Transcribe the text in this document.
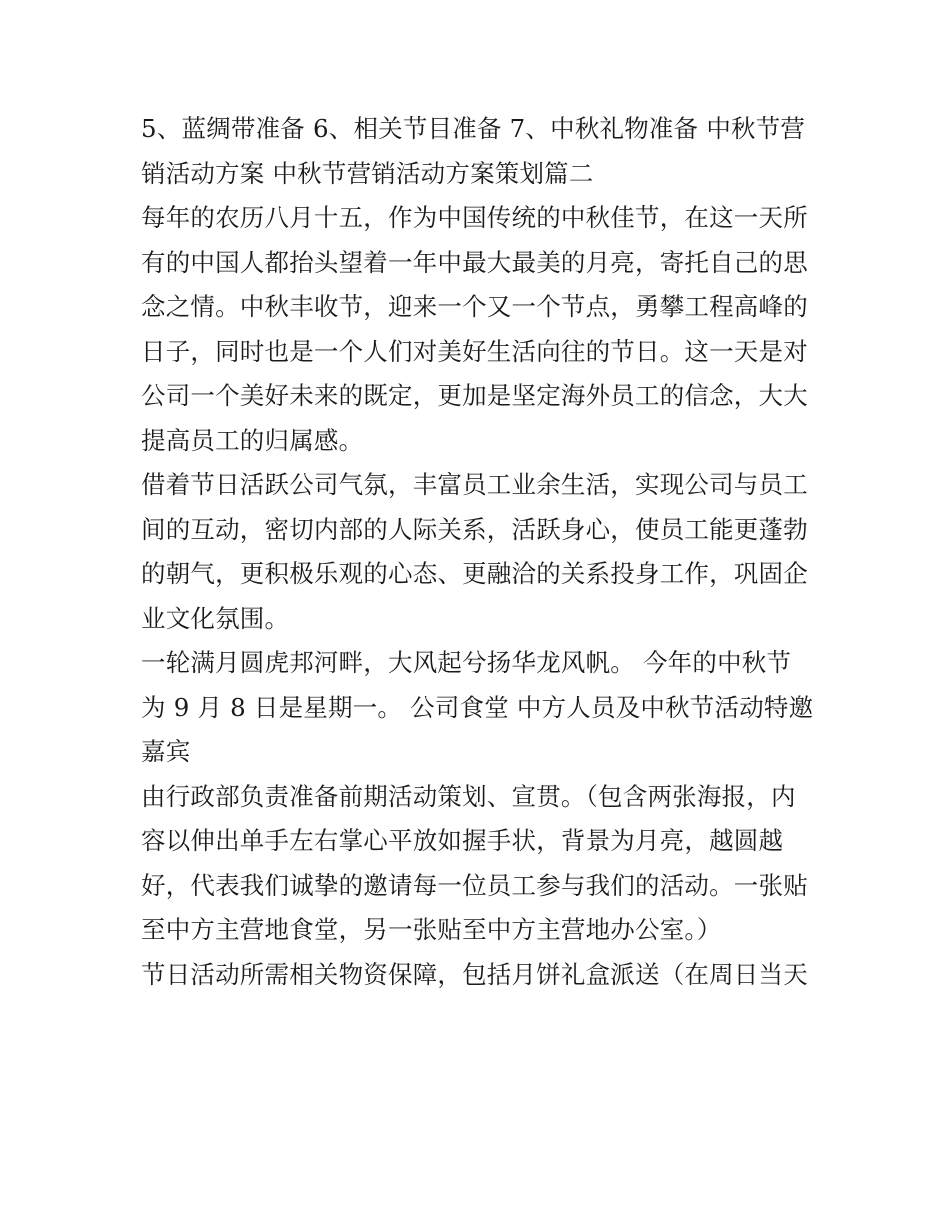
5、蓝绸带准备 6、相关节目准备 7、中秋礼物准备 中秋节营
销活动方案 中秋节营销活动方案策划篇二
每年的农历八月十五，作为中国传统的中秋佳节，在这一天所
有的中国人都抬头望着一年中最大最美的月亮，寄托自己的思
念之情。中秋丰收节，迎来一个又一个节点，勇攀工程高峰的
日子，同时也是一个人们对美好生活向往的节日。这一天是对
公司一个美好未来的既定，更加是坚定海外员工的信念，大大
提高员工的归属感。
借着节日活跃公司气氛，丰富员工业余生活，实现公司与员工
间的互动，密切内部的人际关系，活跃身心，使员工能更蓬勃
的朝气，更积极乐观的心态、更融洽的关系投身工作，巩固企
业文化氛围。
一轮满月圆虎邦河畔，大风起兮扬华龙风帆。 今年的中秋节
为 9 月 8 日是星期一。 公司食堂 中方人员及中秋节活动特邀
嘉宾
由行政部负责准备前期活动策划、宣贯。（包含两张海报，内
容以伸出单手左右掌心平放如握手状，背景为月亮，越圆越
好，代表我们诚挚的邀请每一位员工参与我们的活动。一张贴
至中方主营地食堂，另一张贴至中方主营地办公室。）
节日活动所需相关物资保障，包括月饼礼盒派送（在周日当天
